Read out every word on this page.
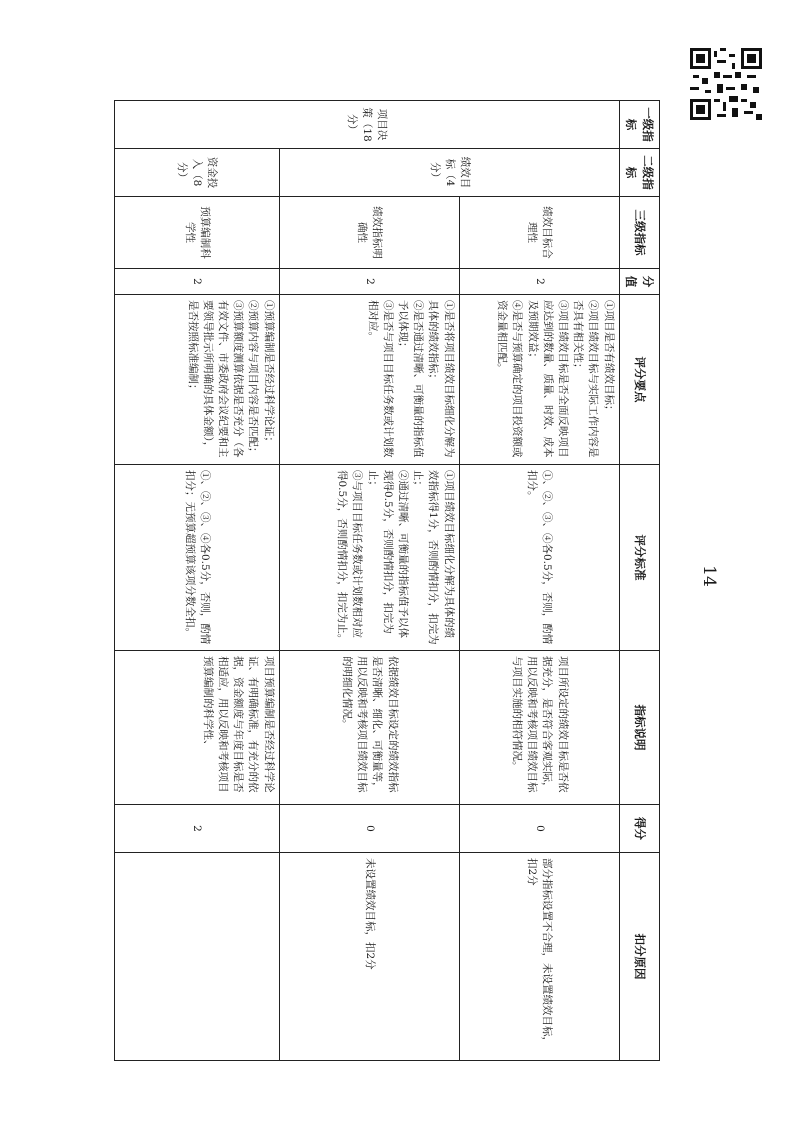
14
一级指标	二级指标	三级指标	分值	评分要点	评分标准	指标说明	得分	扣分原因
项目决策（18分）	绩效目标（4分）	绩效目标合理性	2	①项目是否有绩效目标；
②项目绩效目标与实际工作内容是否具有相关性；
③项目绩效目标是否全面反映项目应达到的数量、质量、时效、成本及预期效益；
④是否与预算确定的项目投资额或资金量相匹配。	①、②、③、④各0.5分，否则，酌情扣分。	项目所设定的绩效目标是否依据充分，是否符合客观实际，用以反映和考核项目绩效目标与项目实施的相符情况。	0	部分指标设置不合理，未设置绩效目标，扣2分
		绩效指标明确性	2	①是否将项目绩效目标细化分解为具体的绩效指标；
②是否通过清晰、可衡量的指标值予以体现；
③是否与项目目标任务数或计划数相对应。	①项目绩效目标细化分解为具体的绩效指标得1分，否则酌情扣分，扣完为止；
②通过清晰、可衡量的指标值予以体现得0.5分，否则酌情扣分，扣完为止；
③与项目目标任务数或计划数相对应得0.5分，否则酌情扣分，扣完为止。	依据绩效目标设定的绩效指标是否清晰、细化、可衡量等，用以反映和考核项目绩效目标的明细化情况。	0	未设置绩效目标，扣2分
	资金投入（8分）	预算编制科学性	2	①预算编制是否经过科学论证；
②预算内容与项目内容是否匹配；
③预算额度测算依据是否充分（各有效文件、市委政府会议纪要和主要领导批示所明确的具体金额），是否按照标准编制；	①、②、③、④各0.5分，否则，酌情扣分；无预算超预算该项分数全扣。	项目预算编制是否经过科学论证、有明确标准，有充分的依据，资金额度与年度目标是否相适应，用以反映和考核项目预算编制的科学性、	2	
